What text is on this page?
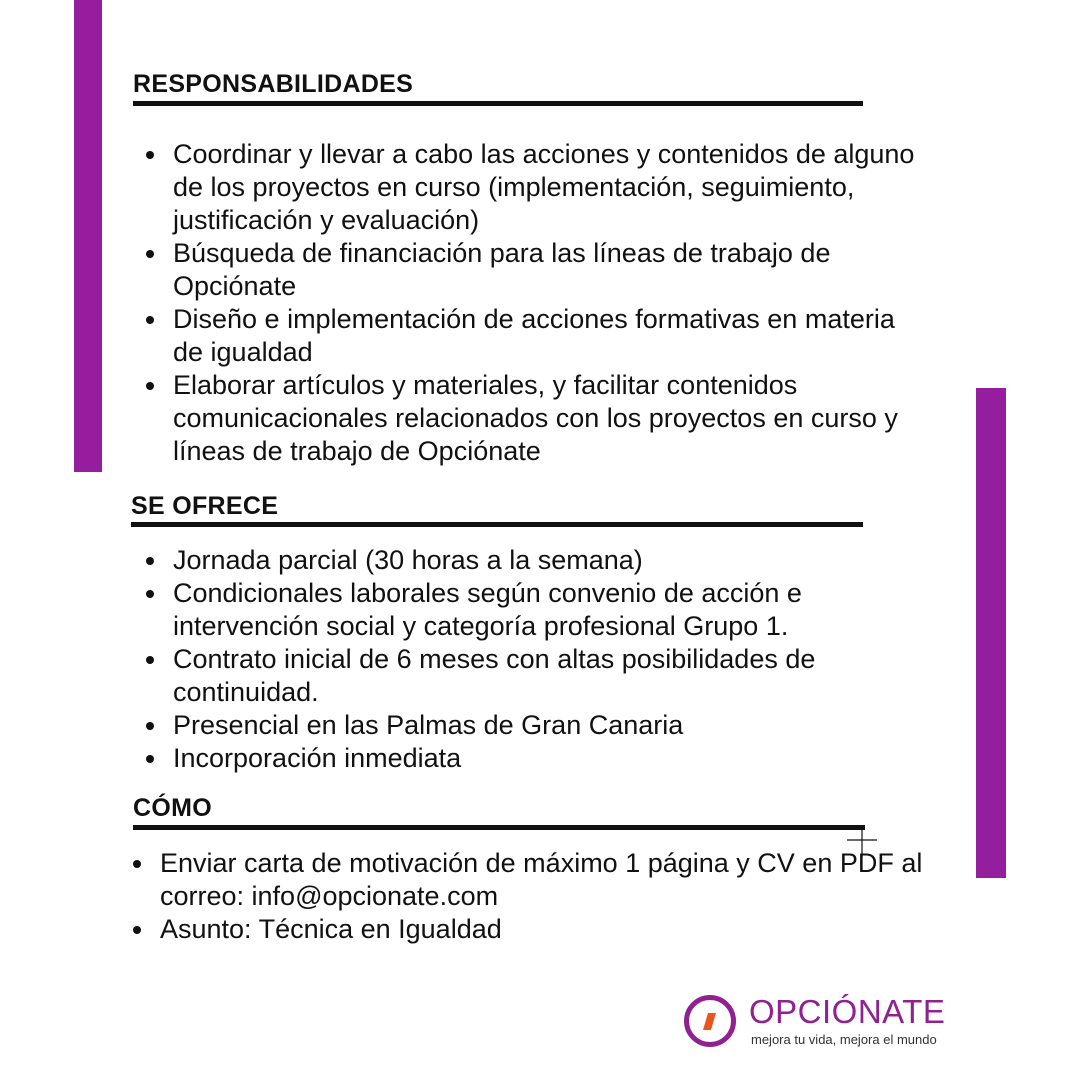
RESPONSABILIDADES
Coordinar y llevar a cabo las acciones y contenidos de alguno de los proyectos en curso (implementación, seguimiento, justificación y evaluación)
Búsqueda de financiación para las líneas de trabajo de Opciónate
Diseño e implementación de acciones formativas en materia de igualdad
Elaborar artículos y materiales, y facilitar contenidos comunicacionales relacionados con los proyectos en curso y líneas de trabajo de Opciónate
SE OFRECE
Jornada parcial (30 horas a la semana)
Condicionales laborales según convenio de acción e intervención social y categoría profesional Grupo 1.
Contrato inicial de 6 meses con altas posibilidades de continuidad.
Presencial en las Palmas de Gran Canaria
Incorporación inmediata
CÓMO
Enviar carta de motivación de máximo 1 página y CV en PDF al correo: info@opcionate.com
Asunto: Técnica en Igualdad
OPCIÓNATE
mejora tu vida, mejora el mundo
